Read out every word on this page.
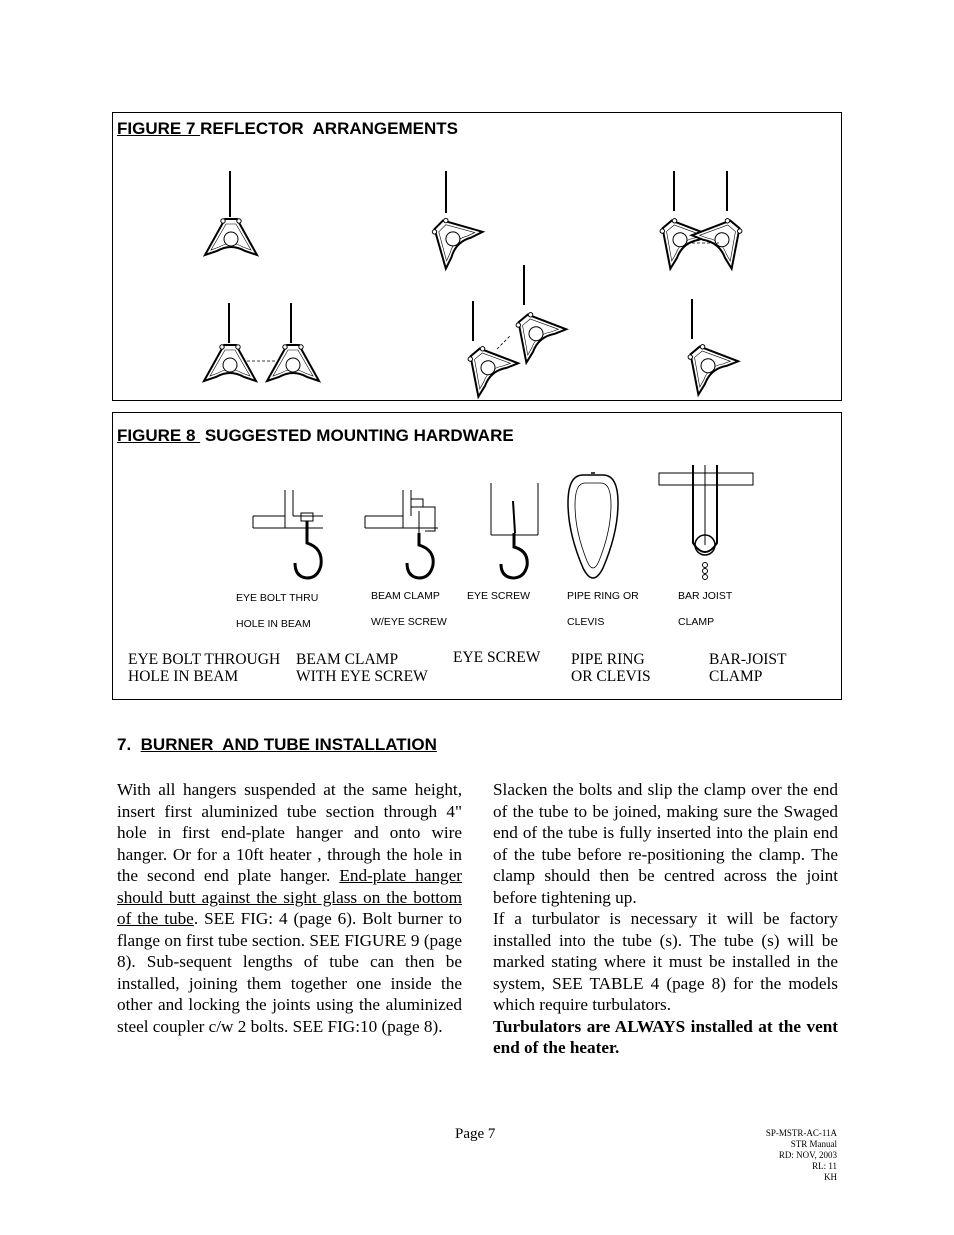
FIGURE 7 REFLECTOR  ARRANGEMENTS
FIGURE 8  SUGGESTED MOUNTING HARDWARE
EYE BOLT THRU
HOLE IN BEAM
BEAM CLAMP
W/EYE SCREW
EYE SCREW	PIPE RING OR
CLEVIS
BAR JOIST
CLAMP
EYE BOLT THROUGH
HOLE IN BEAM
BEAM CLAMP
WITH EYE SCREW
EYE SCREW PIPE RING
OR CLEVIS
BAR-JOIST
CLAMP
7. BURNER  AND TUBE INSTALLATION

With all hangers suspended at the same height, insert first aluminized tube section through 4" hole in first end-plate hanger and onto wire hanger. Or for a 10ft heater , through the hole in the second end plate hanger. End-plate hanger should butt against the sight glass on the bottom of the tube. SEE FIG: 4 (page 6). Bolt burner to flange on first tube section. SEE FIGURE 9 (page 8). Sub-sequent lengths of tube can then be installed, joining them together one inside the other and locking the joints using the aluminized steel coupler c/w 2 bolts. SEE FIG:10 (page 8).

Slacken the bolts and slip the clamp over the end of the tube to be joined, making sure the Swaged end of the tube is fully inserted into the plain end of the tube before re-positioning the clamp. The clamp should then be centred across the joint before tightening up.

If a turbulator is necessary it will be factory installed into the tube (s). The tube (s) will be marked stating where it must be installed in the system, SEE TABLE 4 (page 8) for the models which require turbulators.

Turbulators are ALWAYS installed at the vent end of the heater.

Page 7	SP-MSTR-AC-11A
STR Manual
RD: NOV, 2003
RL: 11
KH
